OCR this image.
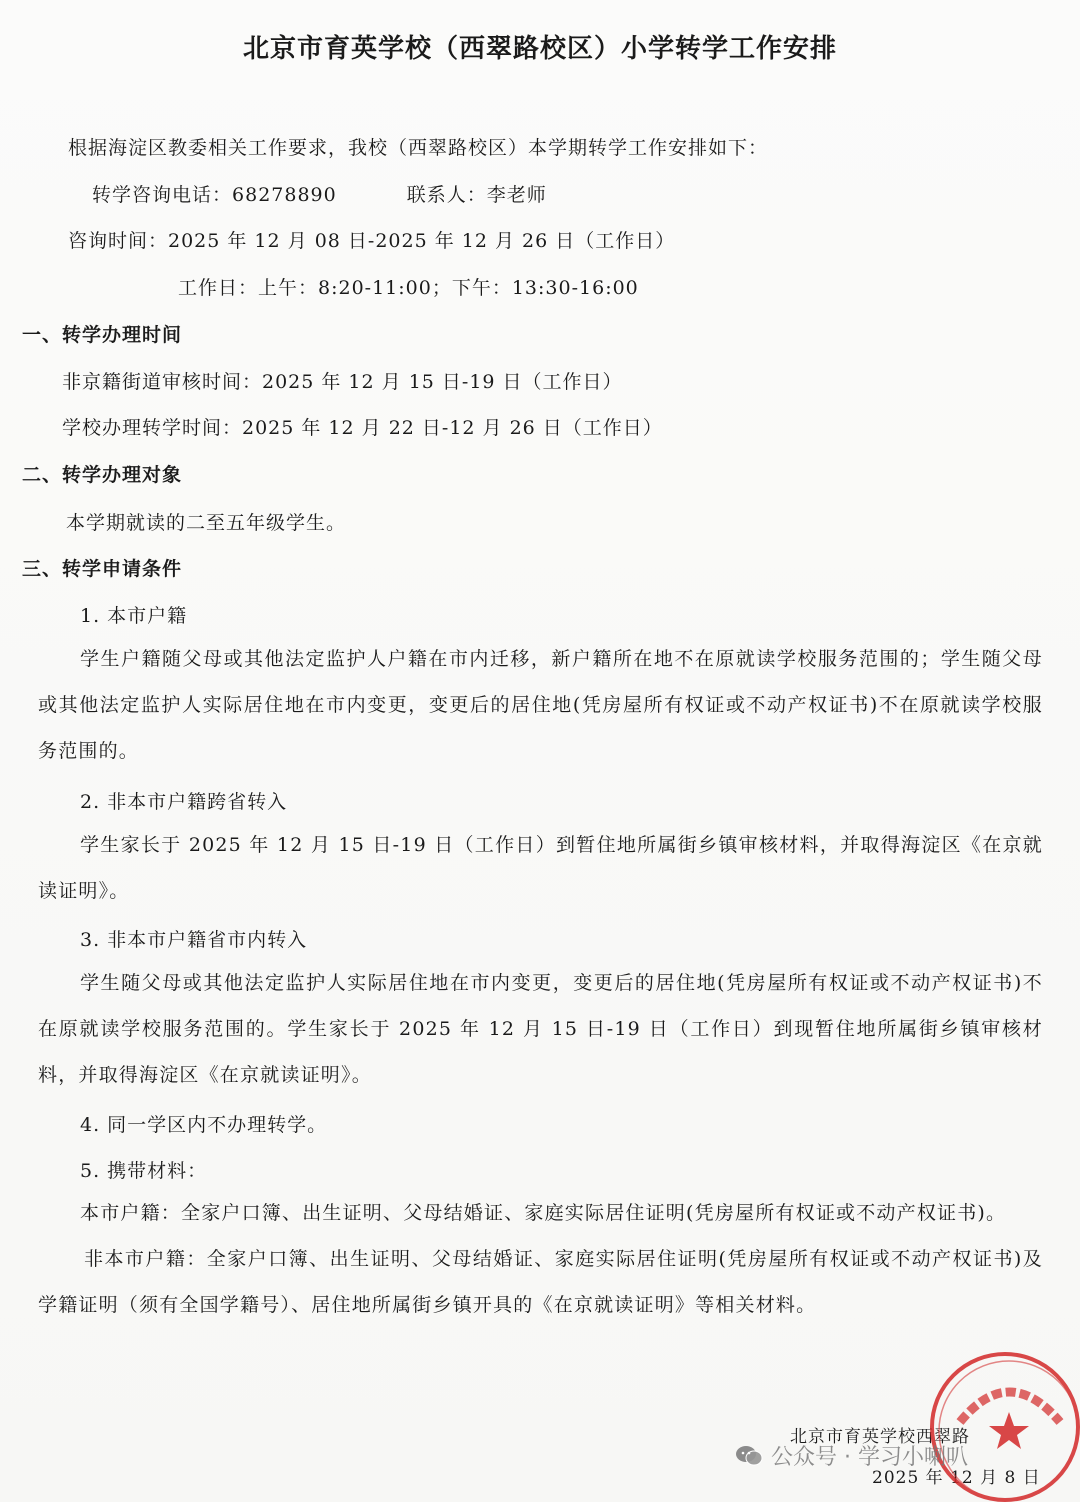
北京市育英学校（西翠路校区）小学转学工作安排
根据海淀区教委相关工作要求，我校（西翠路校区）本学期转学工作安排如下：
转学咨询电话：68278890	联系人：李老师
咨询时间：2025 年 12 月 08 日-2025 年 12 月 26 日（工作日）
工作日：上午：8:20-11:00；下午：13:30-16:00
一、转学办理时间
非京籍街道审核时间：2025 年 12 月 15 日-19 日（工作日）
学校办理转学时间：2025 年 12 月 22 日-12 月 26 日（工作日）
二、转学办理对象
本学期就读的二至五年级学生。
三、转学申请条件
1. 本市户籍
学生户籍随父母或其他法定监护人户籍在市内迁移，新户籍所在地不在原就读学校服务范围的；学生随父母或其他法定监护人实际居住地在市内变更，变更后的居住地(凭房屋所有权证或不动产权证书)不在原就读学校服务范围的。
2. 非本市户籍跨省转入
学生家长于 2025 年 12 月 15 日-19 日（工作日）到暂住地所属街乡镇审核材料，并取得海淀区《在京就读证明》。
3. 非本市户籍省市内转入
学生随父母或其他法定监护人实际居住地在市内变更，变更后的居住地(凭房屋所有权证或不动产权证书)不在原就读学校服务范围的。学生家长于 2025 年 12 月 15 日-19 日（工作日）到现暂住地所属街乡镇审核材料，并取得海淀区《在京就读证明》。
4. 同一学区内不办理转学。
5. 携带材料：
本市户籍：全家户口簿、出生证明、父母结婚证、家庭实际居住证明(凭房屋所有权证或不动产权证书)。
非本市户籍：全家户口簿、出生证明、父母结婚证、家庭实际居住证明(凭房屋所有权证或不动产权证书)及学籍证明（须有全国学籍号）、居住地所属街乡镇开具的《在京就读证明》等相关材料。
北京市育英学校西翠路
2025 年 12 月 8 日
公众号 · 学习小喇叭
